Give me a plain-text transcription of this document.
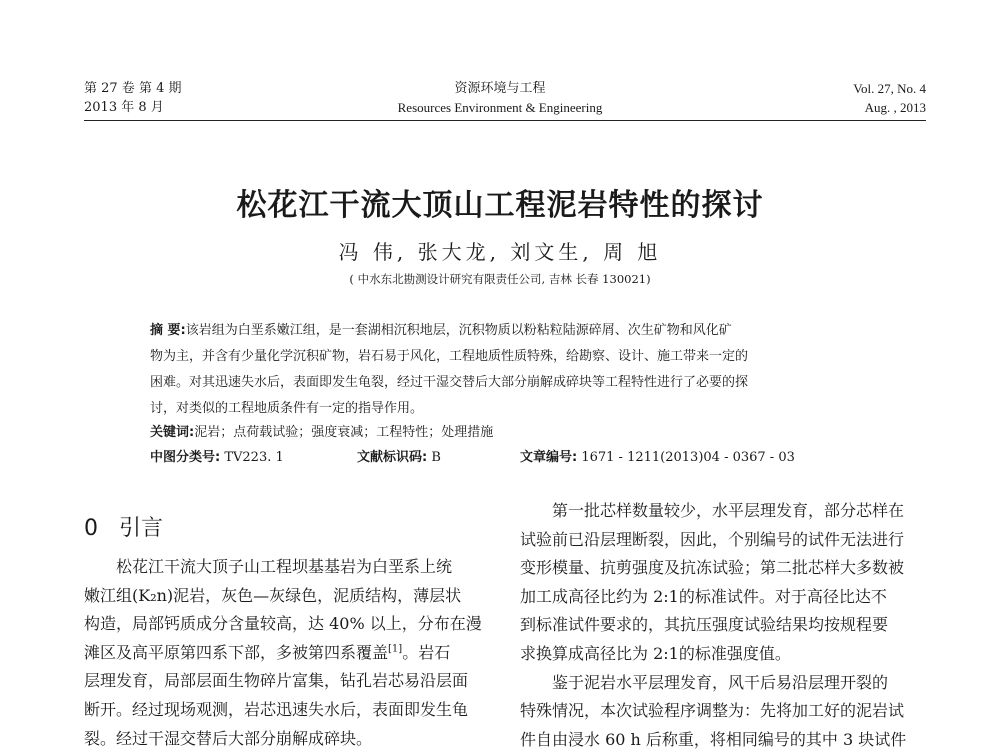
第 27 卷 第 4 期
2013 年 8 月
资源环境与工程
Resources Environment & Engineering
Vol. 27, No. 4
Aug. , 2013
松花江干流大顶山工程泥岩特性的探讨
冯 伟, 张大龙, 刘文生, 周 旭
( 中水东北勘测设计研究有限责任公司, 吉林 长春 130021)
摘 要:该岩组为白垩系嫩江组，是一套湖相沉积地层，沉积物质以粉粘粒陆源碎屑、次生矿物和风化矿
物为主，并含有少量化学沉积矿物，岩石易于风化，工程地质性质特殊，给勘察、设计、施工带来一定的
困难。对其迅速失水后，表面即发生龟裂，经过干湿交替后大部分崩解成碎块等工程特性进行了必要的探
讨，对类似的工程地质条件有一定的指导作用。
关键词:泥岩；点荷载试验；强度衰减；工程特性；处理措施
中图分类号: TV223. 1	文献标识码: B	文章编号: 1671 - 1211(2013)04 - 0367 - 03
0 引言
　　松花江干流大顶子山工程坝基基岩为白垩系上统
嫩江组(K₂n)泥岩，灰色—灰绿色，泥质结构，薄层状
构造，局部钙质成分含量较高，达 40% 以上，分布在漫
滩区及高平原第四系下部，多被第四系覆盖[1]。岩石
层理发育，局部层面生物碎片富集，钻孔岩芯易沿层面
断开。经过现场观测，岩芯迅速失水后，表面即发生龟
裂。经过干湿交替后大部分崩解成碎块。
　　第一批芯样数量较少，水平层理发育，部分芯样在
试验前已沿层理断裂，因此，个别编号的试件无法进行
变形模量、抗剪强度及抗冻试验；第二批芯样大多数被
加工成高径比约为 2:1的标准试件。对于高径比达不
到标准试件要求的，其抗压强度试验结果均按规程要
求换算成高径比为 2:1的标准强度值。
　　鉴于泥岩水平层理发育，风干后易沿层理开裂的
特殊情况，本次试验程序调整为：先将加工好的泥岩试
件自由浸水 60 h 后称重，将相同编号的其中 3 块试件
